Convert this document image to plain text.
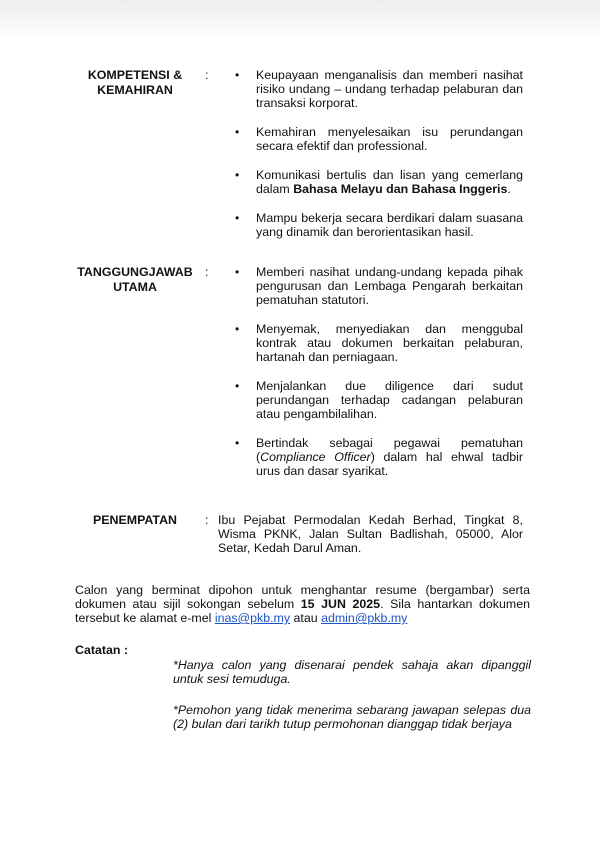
KOMPETENSI &
KEMAHIRAN
: • Keupayaan menganalisis dan memberi nasihat risiko undang – undang terhadap pelaburan dan transaksi korporat.
• Kemahiran menyelesaikan isu perundangan secara efektif dan professional.
• Komunikasi bertulis dan lisan yang cemerlang dalam Bahasa Melayu dan Bahasa Inggeris.
• Mampu bekerja secara berdikari dalam suasana yang dinamik dan berorientasikan hasil.
TANGGUNGJAWAB
UTAMA
: • Memberi nasihat undang-undang kepada pihak pengurusan dan Lembaga Pengarah berkaitan pematuhan statutori.
• Menyemak, menyediakan dan menggubal kontrak atau dokumen berkaitan pelaburan, hartanah dan perniagaan.
• Menjalankan due diligence dari sudut perundangan terhadap cadangan pelaburan atau pengambilalihan.
• Bertindak sebagai pegawai pematuhan (Compliance Officer) dalam hal ehwal tadbir urus dan dasar syarikat.
PENEMPATAN	: Ibu Pejabat Permodalan Kedah Berhad, Tingkat 8, Wisma PKNK, Jalan Sultan Badlishah, 05000, Alor Setar, Kedah Darul Aman.
Calon yang berminat dipohon untuk menghantar resume (bergambar) serta dokumen atau sijil sokongan sebelum 15 JUN 2025. Sila hantarkan dokumen tersebut ke alamat e-mel inas@pkb.my atau admin@pkb.my
Catatan :
*Hanya calon yang disenarai pendek sahaja akan dipanggil untuk sesi temuduga.
*Pemohon yang tidak menerima sebarang jawapan selepas dua (2) bulan dari tarikh tutup permohonan dianggap tidak berjaya
